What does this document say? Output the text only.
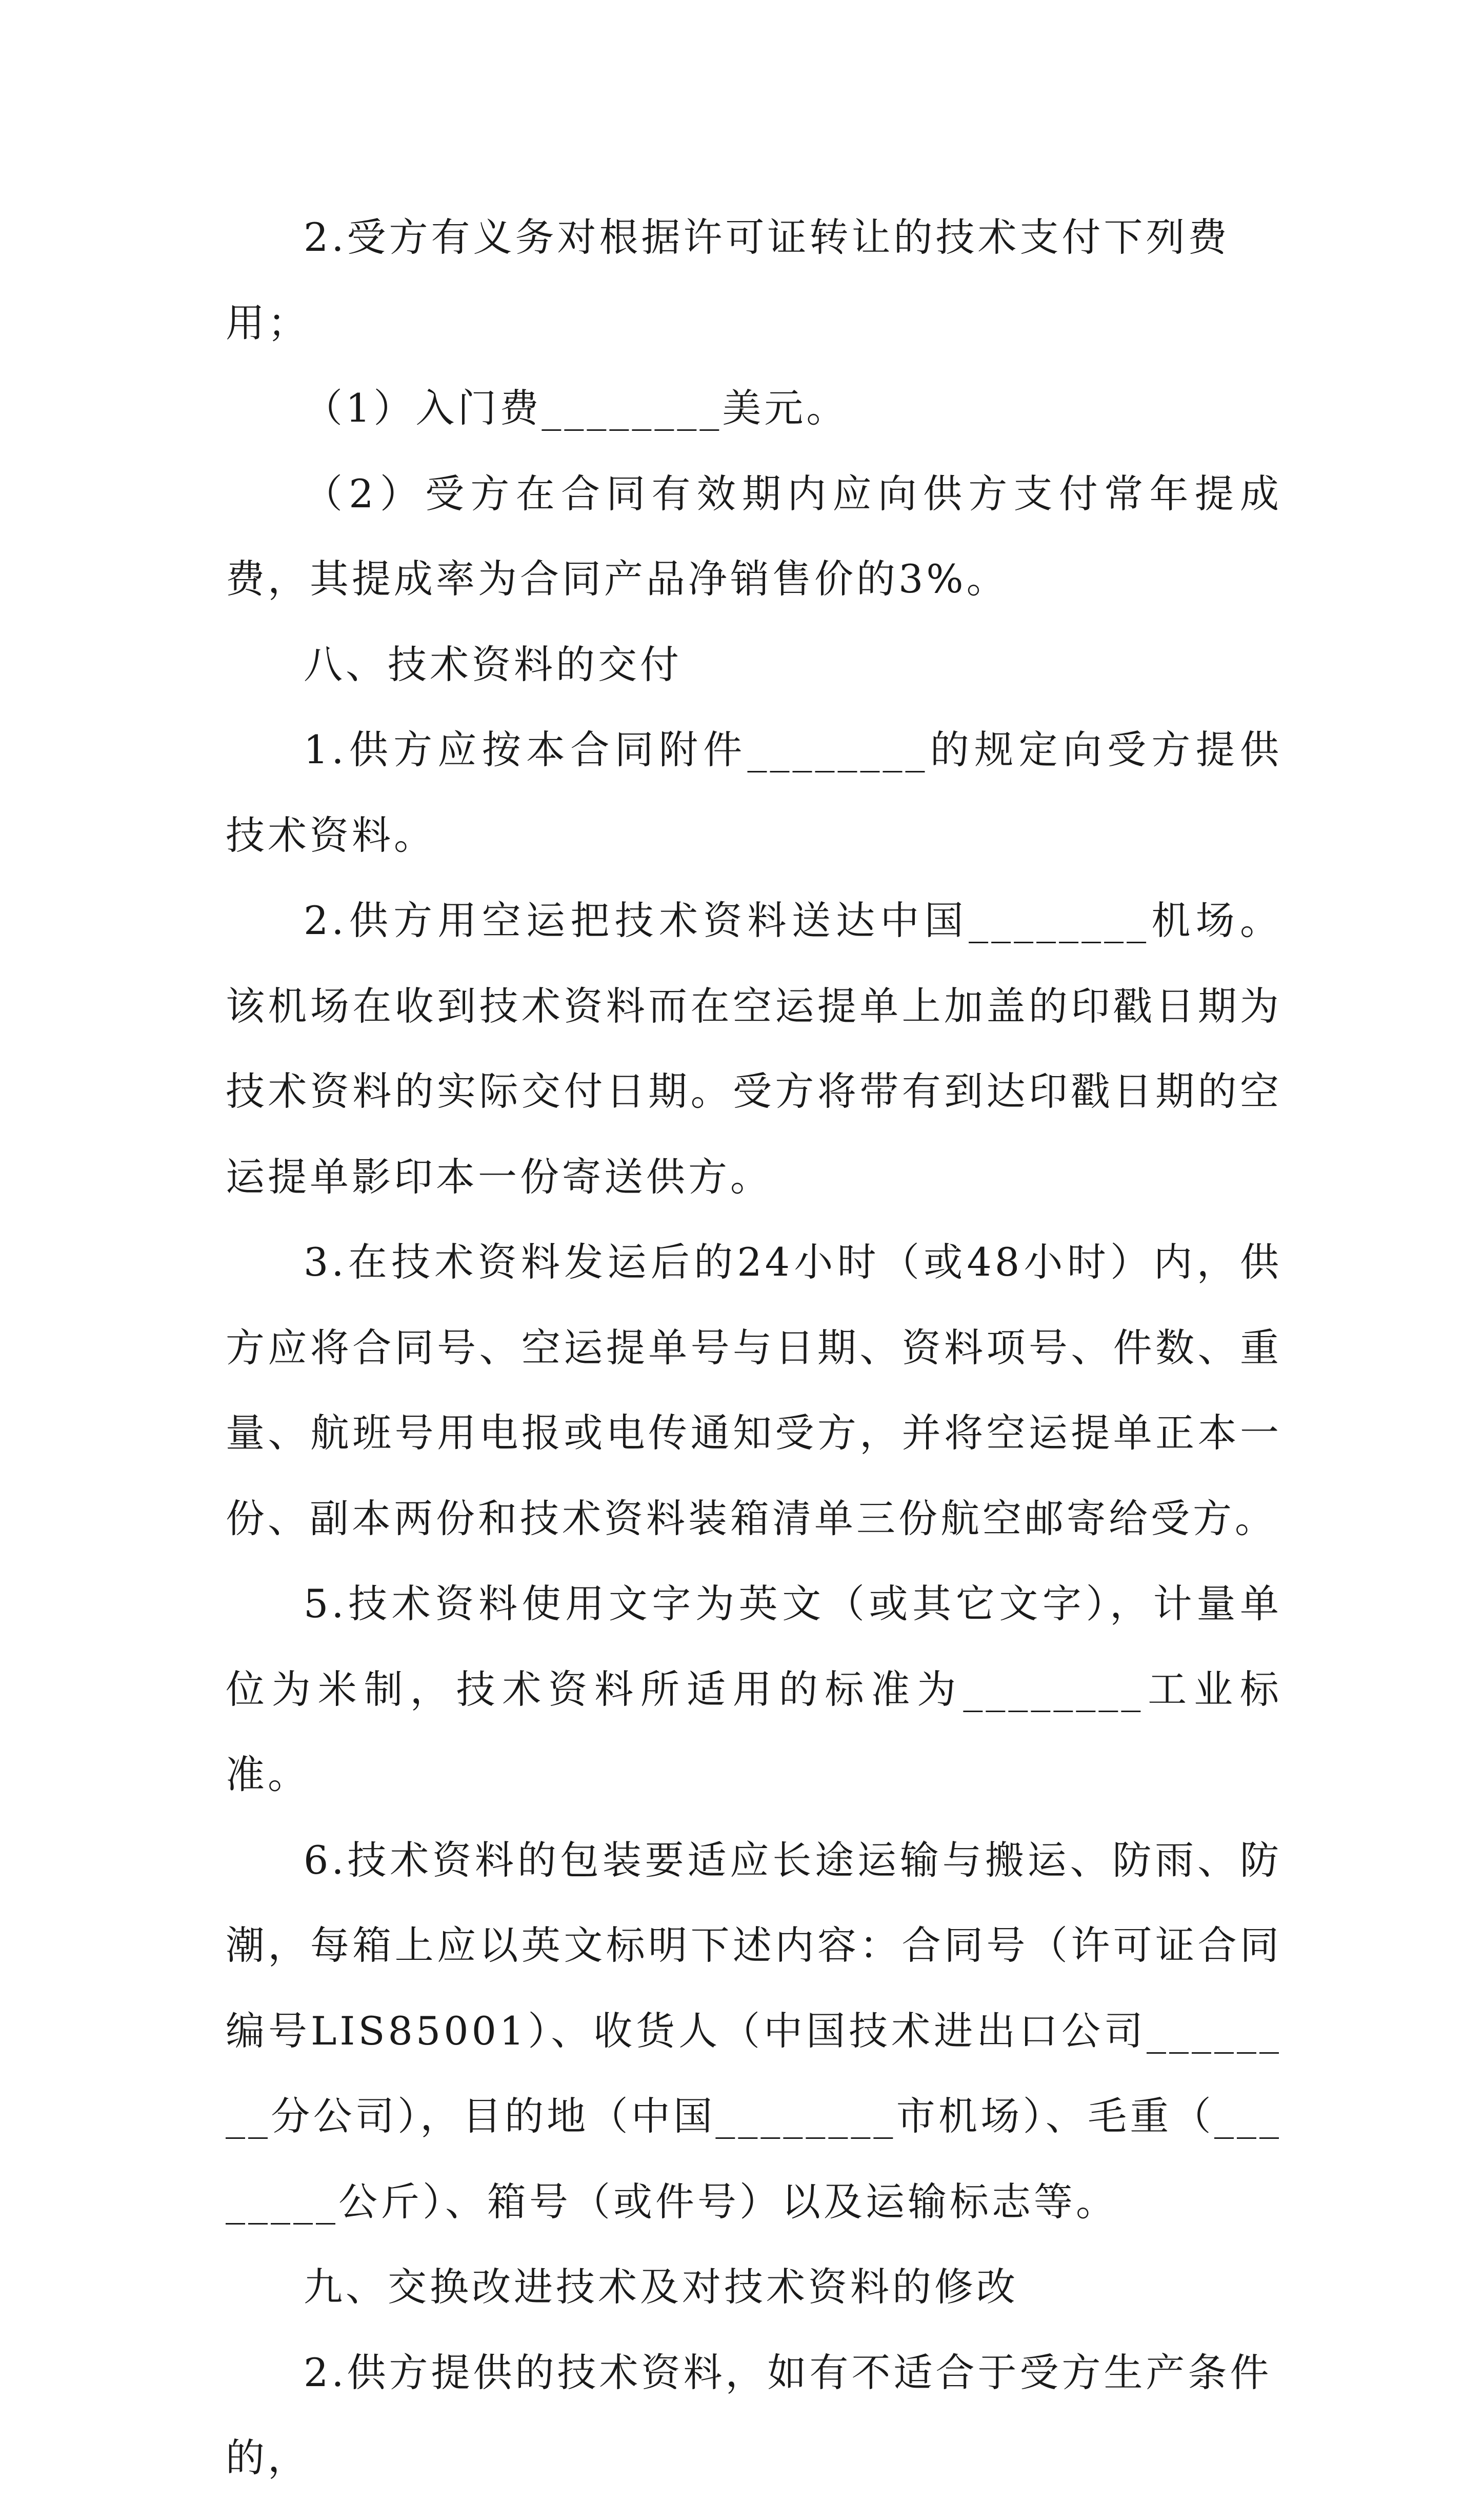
2.受方有义务对根据许可证转让的技术支付下列费用；

（1）入门费________美元。

（2）受方在合同有效期内应向供方支付常年提成费，其提成率为合同产品净销售价的3%。

八、技术资料的交付

1.供方应按本合同附件________的规定向受方提供技术资料。

2.供方用空运把技术资料送达中国________机场。该机场在收到技术资料而在空运提单上加盖的印戳日期为技术资料的实际交付日期。受方将带有到达印戳日期的空运提单影印本一份寄送供方。

3.在技术资料发运后的24小时（或48小时）内，供方应将合同号、空运提单号与日期、资料项号、件数、重量、航班号用电报或电传通知受方，并将空运提单正本一份、副本两份和技术资料装箱清单三份航空邮寄给受方。

5.技术资料使用文字为英文（或其它文字），计量单位为米制，技术资料所适用的标准为________工业标准。

6.技术资料的包装要适应长途运输与搬运、防雨、防潮，每箱上应以英文标明下述内容：合同号（许可证合同编号LIS85001）、收货人（中国技术进出口公司________分公司），目的地（中国________市机场）、毛重（________公斤）、箱号（或件号）以及运输标志等。

九、交换改进技术及对技术资料的修改

2.供方提供的技术资料，如有不适合于受方生产条件的，
